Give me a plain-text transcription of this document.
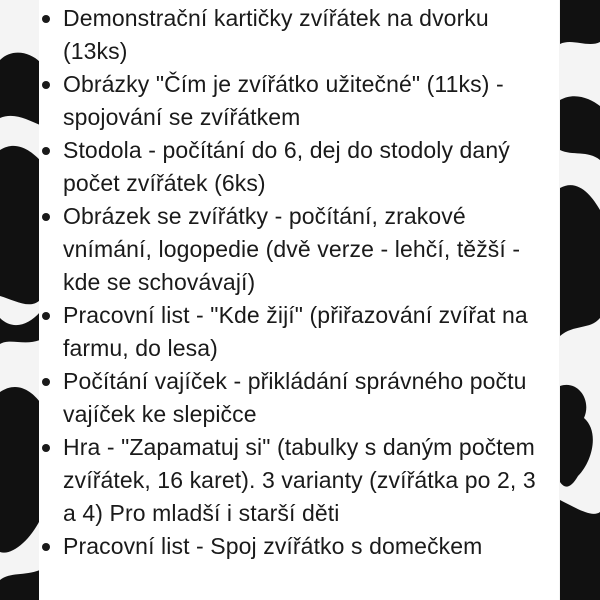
Demonstrační kartičky zvířátek na dvorku (13ks)
Obrázky "Čím je zvířátko užitečné" (11ks) - spojování se zvířátkem
Stodola - počítání do 6, dej do stodoly daný počet zvířátek (6ks)
Obrázek se zvířátky - počítání, zrakové vnímání, logopedie (dvě verze - lehčí, těžší - kde se schovávají)
Pracovní list - "Kde žijí" (přiřazování zvířat na farmu, do lesa)
Počítání vajíček - přikládání správného počtu vajíček ke slepičce
Hra - "Zapamatuj si" (tabulky s daným počtem zvířátek, 16 karet). 3 varianty (zvířátka po 2, 3 a 4) Pro mladší i starší děti
Pracovní list - Spoj zvířátko s domečkem
